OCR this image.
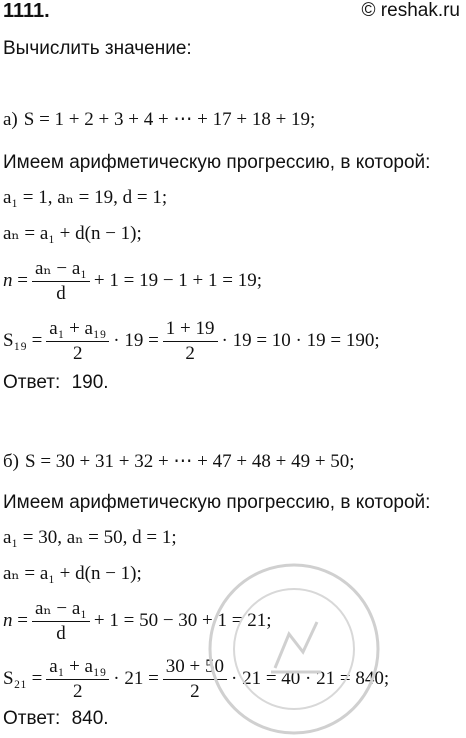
1111.	© reshak.ru
Вычислить значение:
а) S = 1 + 2 + 3 + 4 + ⋯ + 17 + 18 + 19;
Имеем арифметическую прогрессию, в которой:
a₁ = 1, aₙ = 19, d = 1;
aₙ = a₁ + d(n − 1);
$n = \frac{\text{aₙ − a₁}}{d} + 1 = 19 - 1 + 1 = 19$;
$S_{19} = \frac{\text{a₁ + a₁₉}}{2} \cdot 19 = \frac{1 + 19}{2} \cdot 19 = 10 \cdot 19 = 190$;
Ответ: 190.
б) S = 30 + 31 + 32 + ⋯ + 47 + 48 + 49 + 50;
Имеем арифметическую прогрессию, в которой:
a₁ = 30, aₙ = 50, d = 1;
aₙ = a₁ + d(n − 1);
$n = \frac{\text{aₙ − a₁}}{d} + 1 = 50 - 30 + 1 = 21$;
$S_{21} = \frac{\text{a₁ + a₁₉}}{2} \cdot 21 = \frac{30 + 50}{2} \cdot 21 = 40 \cdot 21 = 840$;
Ответ: 840.
